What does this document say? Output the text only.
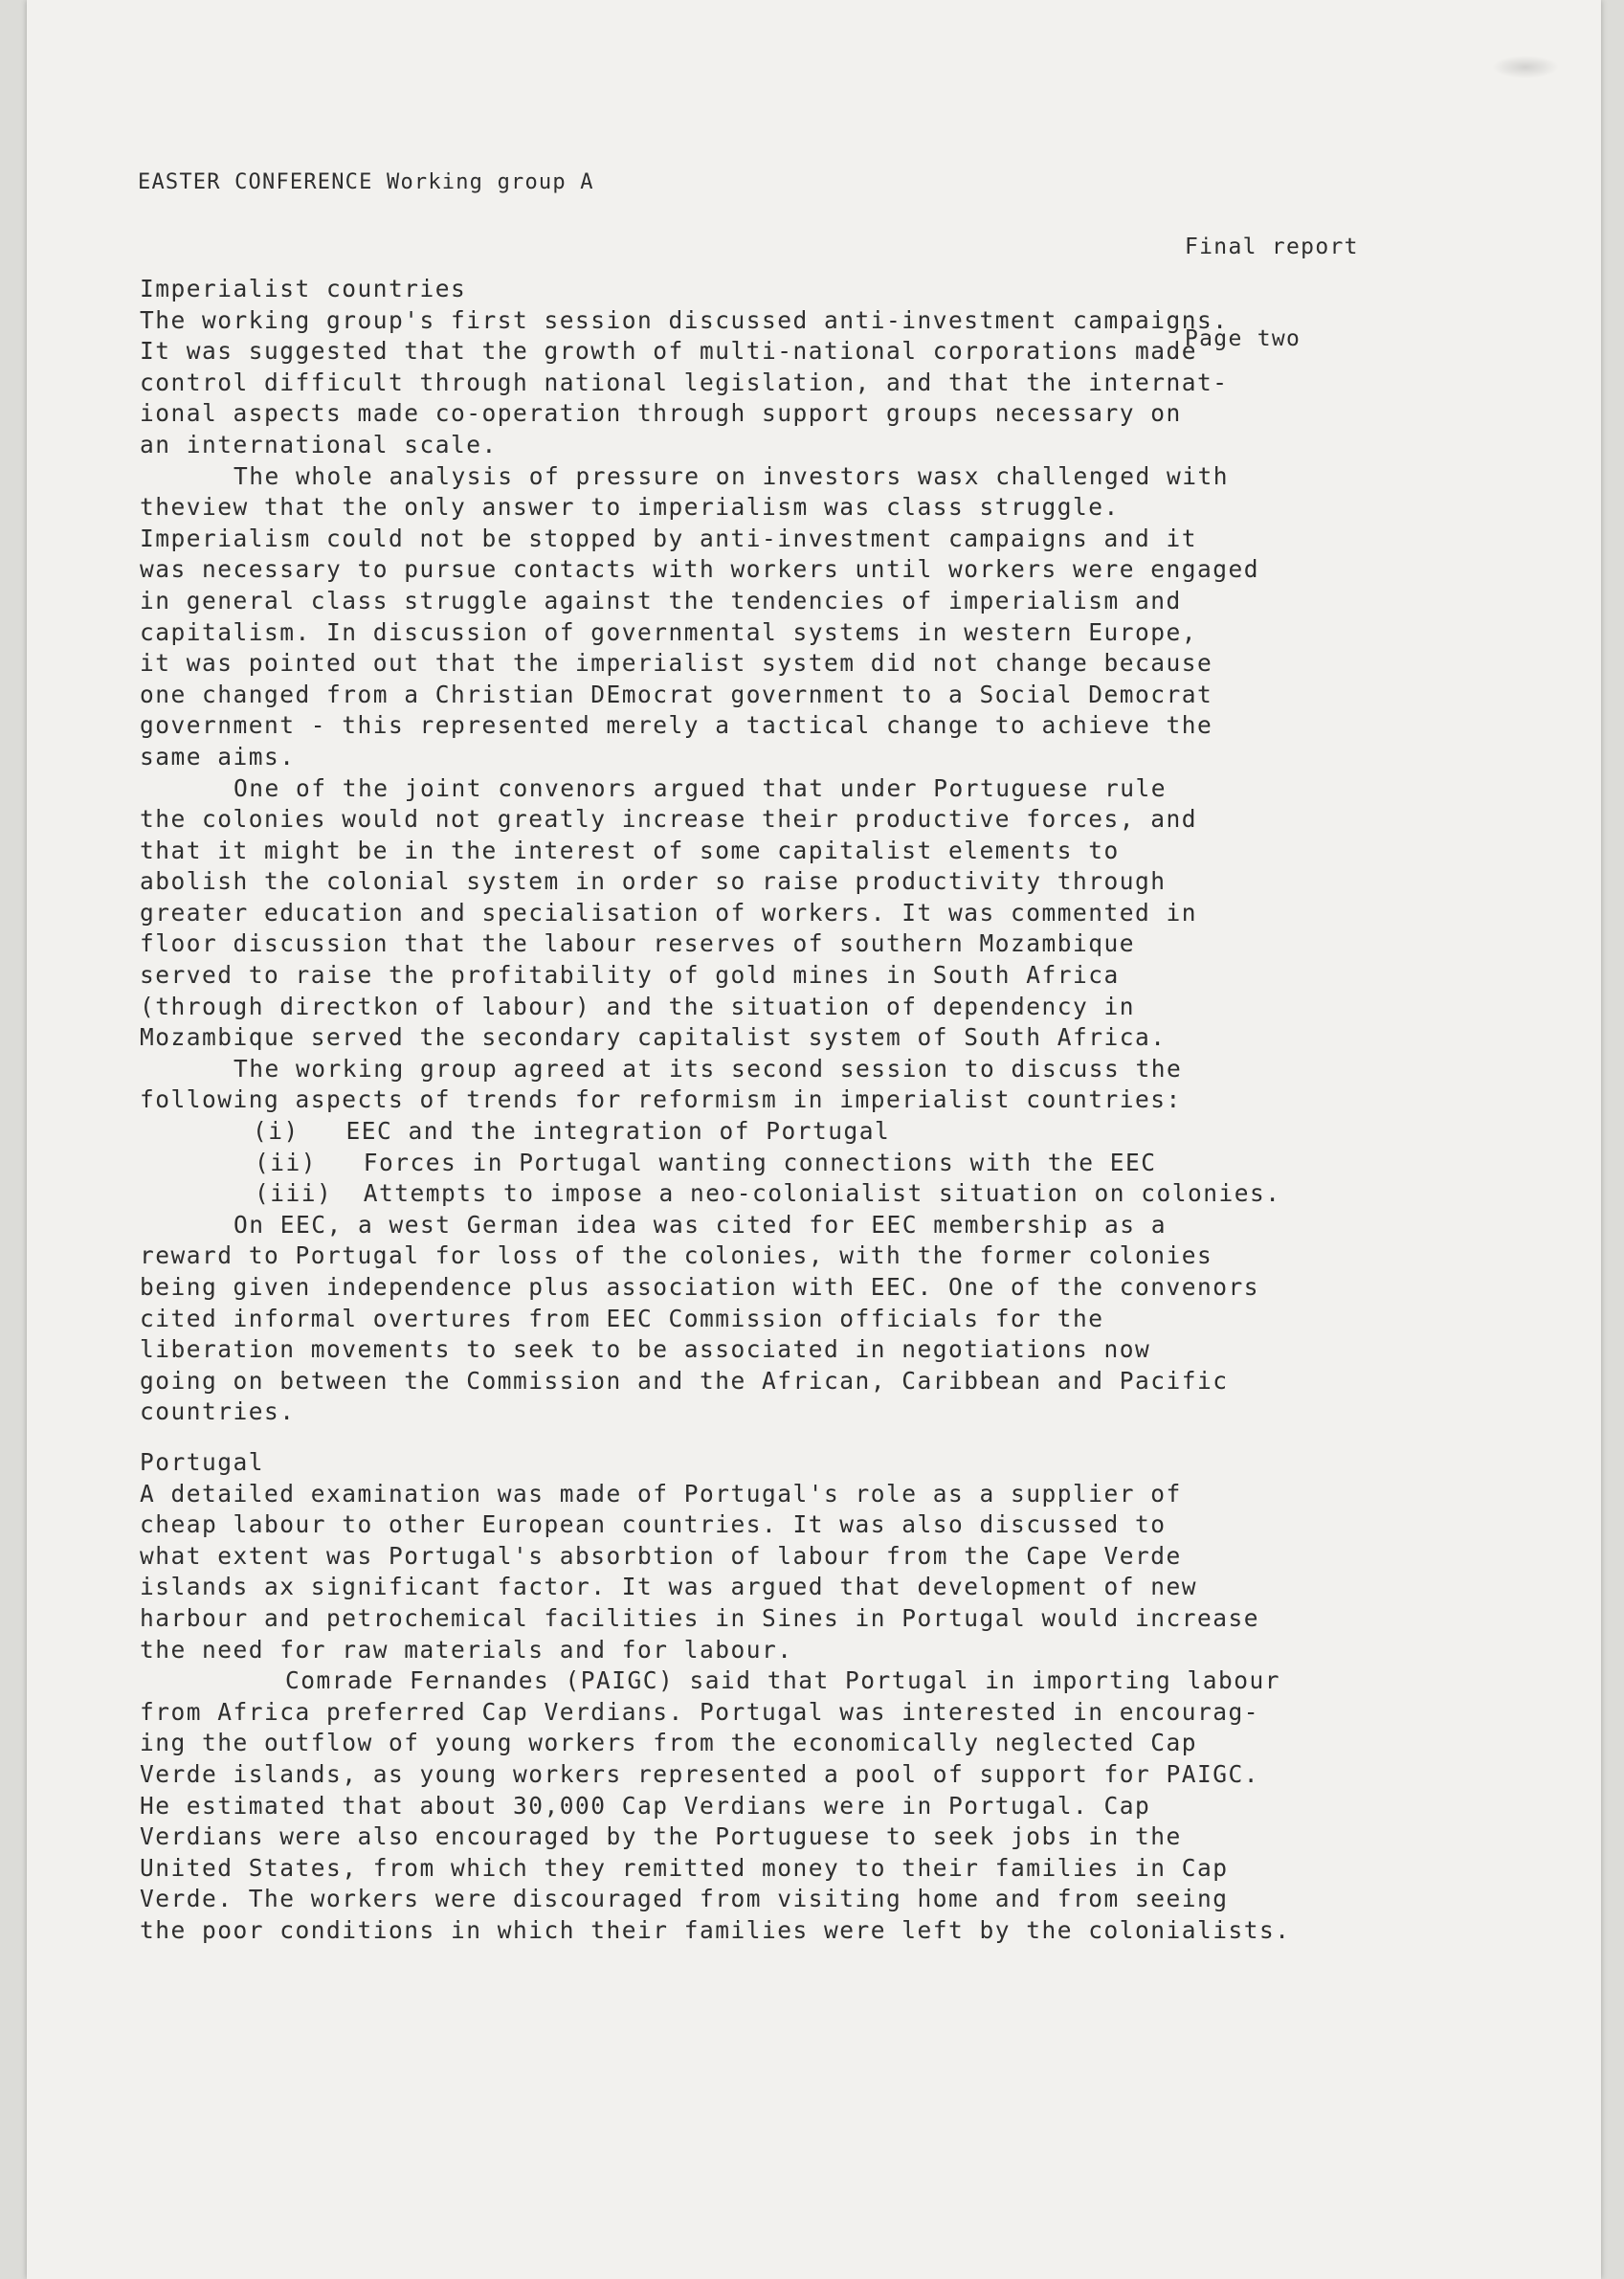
EASTER CONFERENCE Working group A

Final report

Page two

Imperialist countries
The working group's first session discussed anti-investment campaigns.
It was suggested that the growth of multi-national corporations made
control difficult through national legislation, and that the internat-
ional aspects made co-operation through support groups necessary on
an international scale.
The whole analysis of pressure on investors wasx challenged with
theview that the only answer to imperialism was class struggle.
Imperialism could not be stopped by anti-investment campaigns and it
was necessary to pursue contacts with workers until workers were engaged
in general class struggle against the tendencies of imperialism and
capitalism. In discussion of governmental systems in western Europe,
it was pointed out that the imperialist system did not change because
one changed from a Christian DEmocrat government to a Social Democrat
government - this represented merely a tactical change to achieve the
same aims.
One of the joint convenors argued that under Portuguese rule
the colonies would not greatly increase their productive forces, and
that it might be in the interest of some capitalist elements to
abolish the colonial system in order so raise productivity through
greater education and specialisation of workers. It was commented in
floor discussion that the labour reserves of southern Mozambique
served to raise the profitability of gold mines in South Africa
(through directkon of labour) and the situation of dependency in
Mozambique served the secondary capitalist system of South Africa.
The working group agreed at its second session to discuss the
following aspects of trends for reformism in imperialist countries:
(i)   EEC and the integration of Portugal
(ii)   Forces in Portugal wanting connections with the EEC
(iii)  Attempts to impose a neo-colonialist situation on colonies.
On EEC, a west German idea was cited for EEC membership as a
reward to Portugal for loss of the colonies, with the former colonies
being given independence plus association with EEC. One of the convenors
cited informal overtures from EEC Commission officials for the
liberation movements to seek to be associated in negotiations now
going on between the Commission and the African, Caribbean and Pacific
countries.
Portugal
A detailed examination was made of Portugal's role as a supplier of
cheap labour to other European countries. It was also discussed to
what extent was Portugal's absorbtion of labour from the Cape Verde
islands ax significant factor. It was argued that development of new
harbour and petrochemical facilities in Sines in Portugal would increase
the need for raw materials and for labour.
Comrade Fernandes (PAIGC) said that Portugal in importing labour
from Africa preferred Cap Verdians. Portugal was interested in encourag-
ing the outflow of young workers from the economically neglected Cap
Verde islands, as young workers represented a pool of support for PAIGC.
He estimated that about 30,000 Cap Verdians were in Portugal. Cap
Verdians were also encouraged by the Portuguese to seek jobs in the
United States, from which they remitted money to their families in Cap
Verde. The workers were discouraged from visiting home and from seeing
the poor conditions in which their families were left by the colonialists.
